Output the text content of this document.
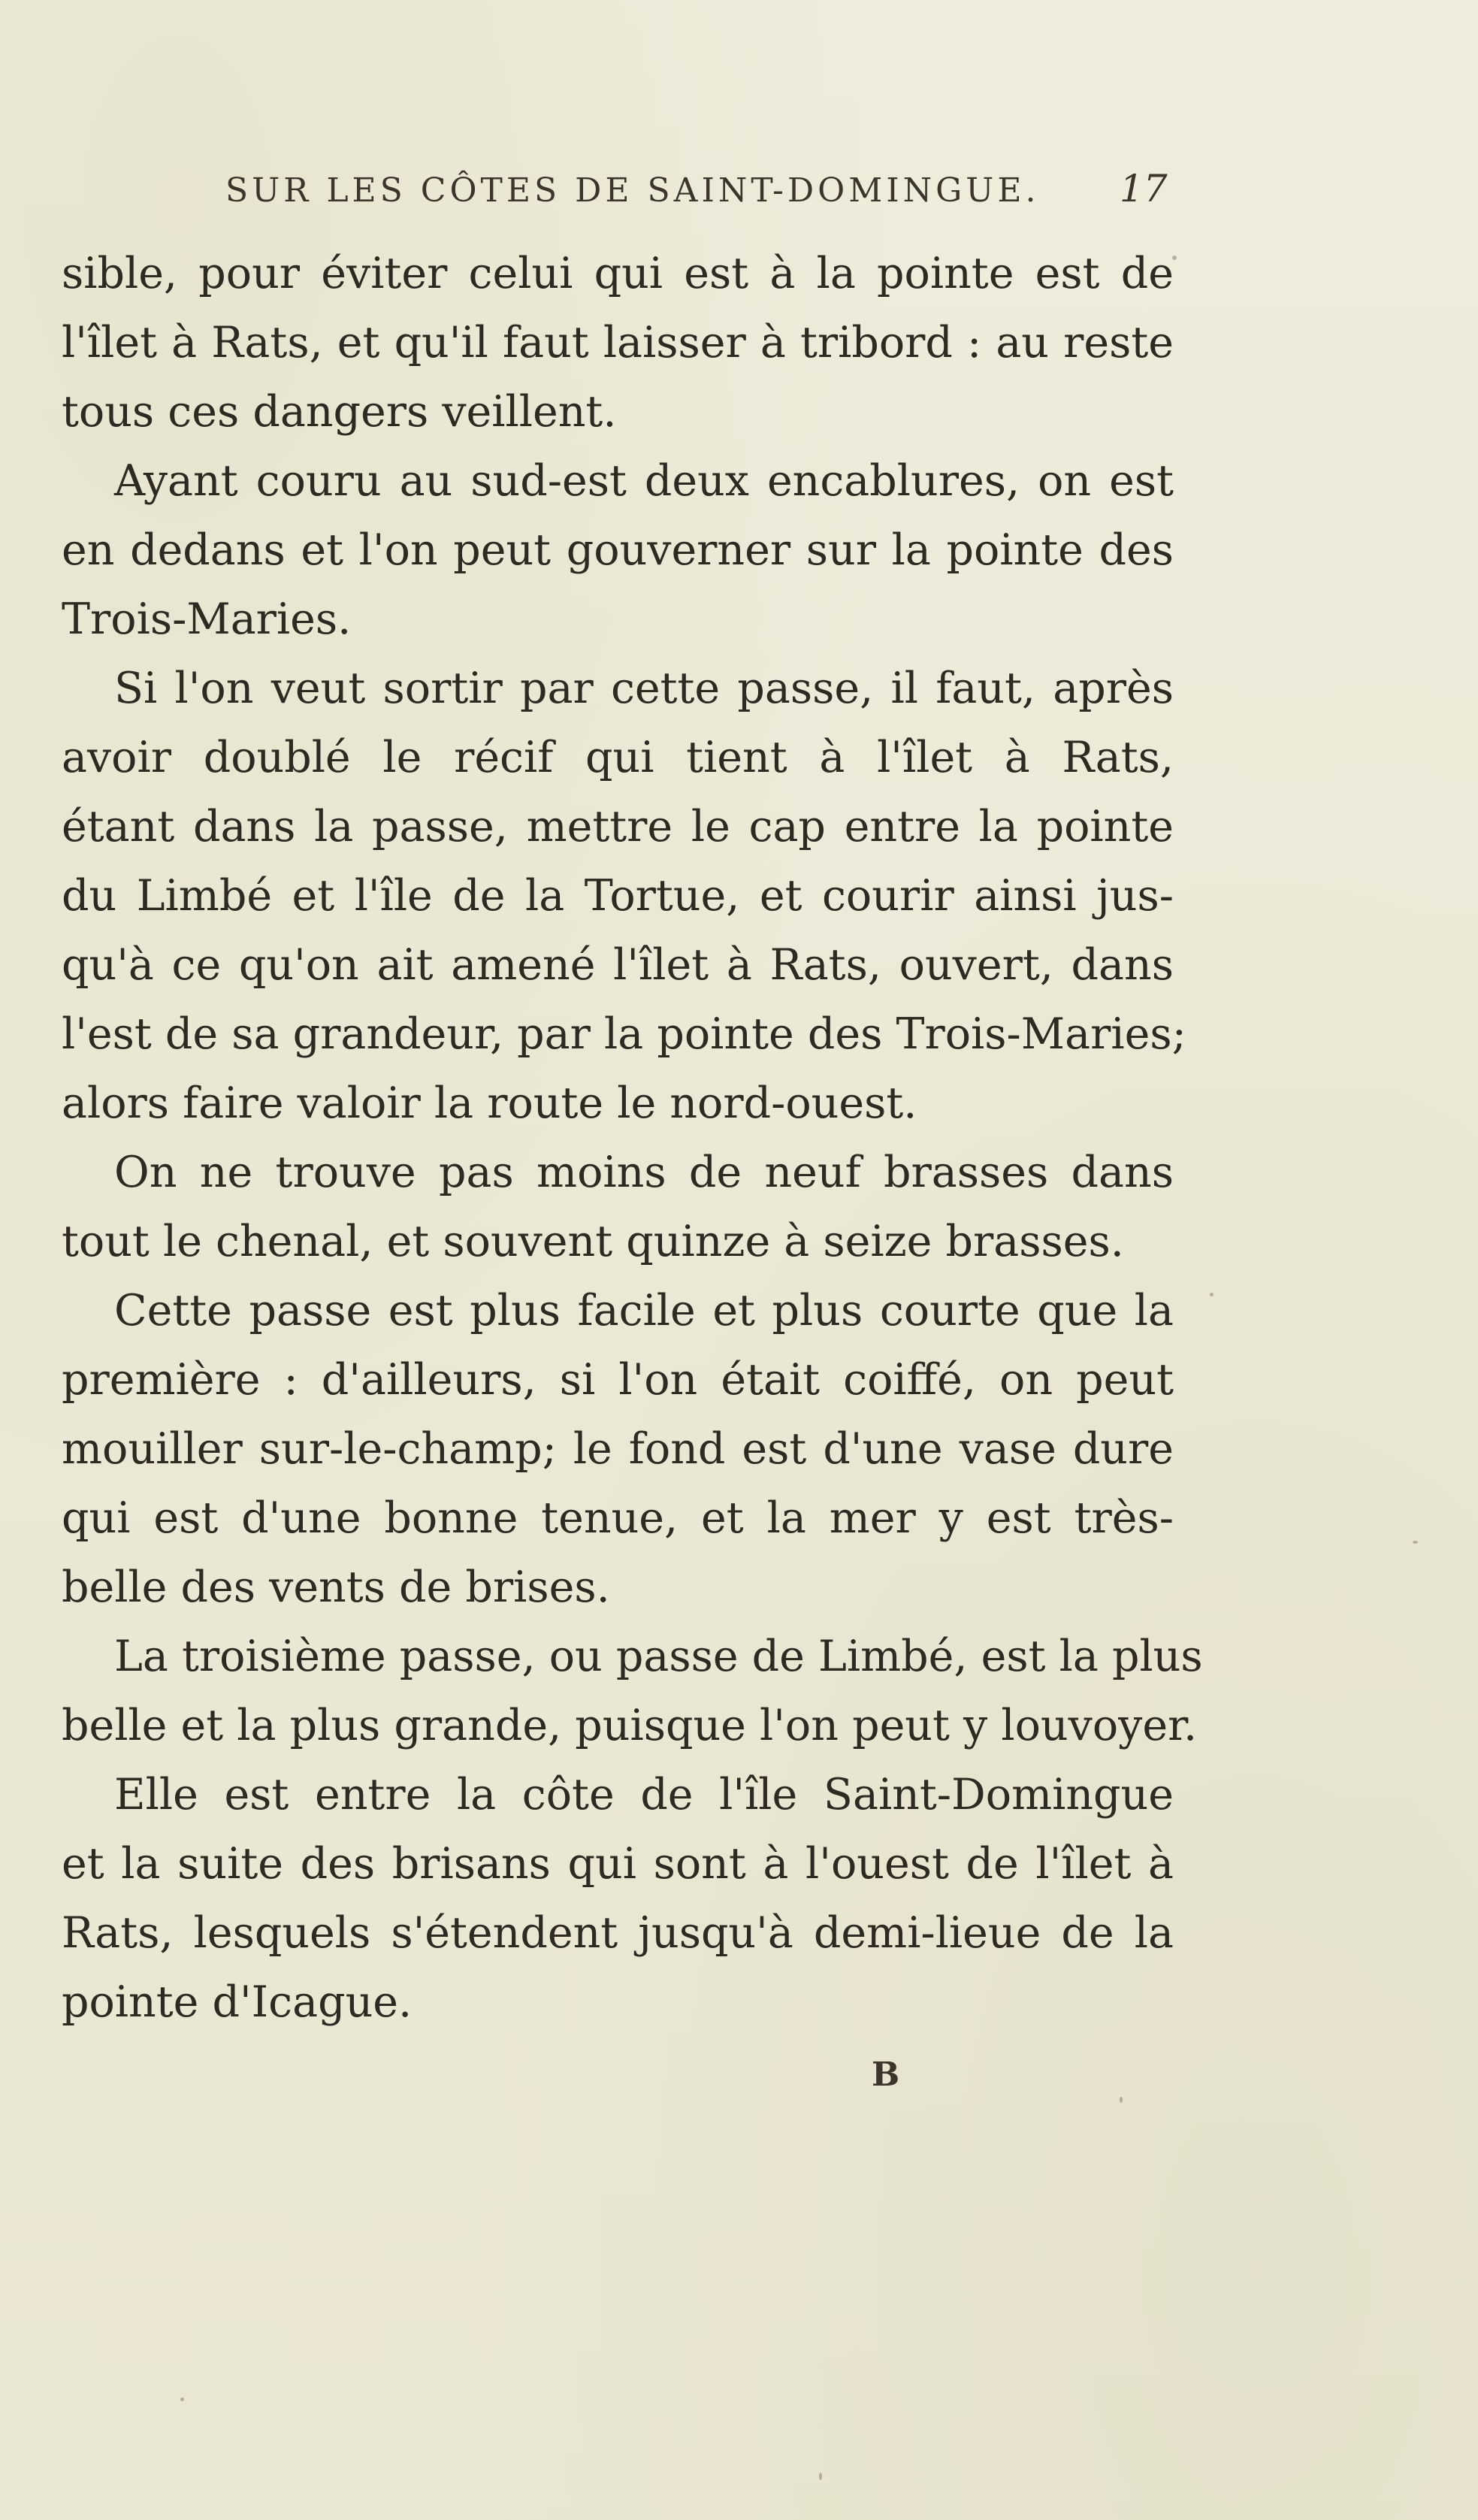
SUR LES CÔTES DE SAINT-DOMINGUE.	17
sible, pour éviter celui qui est à la pointe est de
l'îlet à Rats, et qu'il faut laisser à tribord : au reste
tous ces dangers veillent.
Ayant couru au sud-est deux encablures, on est
en dedans et l'on peut gouverner sur la pointe des
Trois-Maries.
Si l'on veut sortir par cette passe, il faut, après
avoir doublé le récif qui tient à l'îlet à Rats,
étant dans la passe, mettre le cap entre la pointe
du Limbé et l'île de la Tortue, et courir ainsi jus-
qu'à ce qu'on ait amené l'îlet à Rats, ouvert, dans
l'est de sa grandeur, par la pointe des Trois-Maries;
alors faire valoir la route le nord-ouest.
On ne trouve pas moins de neuf brasses dans
tout le chenal, et souvent quinze à seize brasses.
Cette passe est plus facile et plus courte que la
première : d'ailleurs, si l'on était coiffé, on peut
mouiller sur-le-champ; le fond est d'une vase dure
qui est d'une bonne tenue, et la mer y est très-
belle des vents de brises.
La troisième passe, ou passe de Limbé, est la plus
belle et la plus grande, puisque l'on peut y louvoyer.
Elle est entre la côte de l'île Saint-Domingue
et la suite des brisans qui sont à l'ouest de l'îlet à
Rats, lesquels s'étendent jusqu'à demi-lieue de la
pointe d'Icague.
B
